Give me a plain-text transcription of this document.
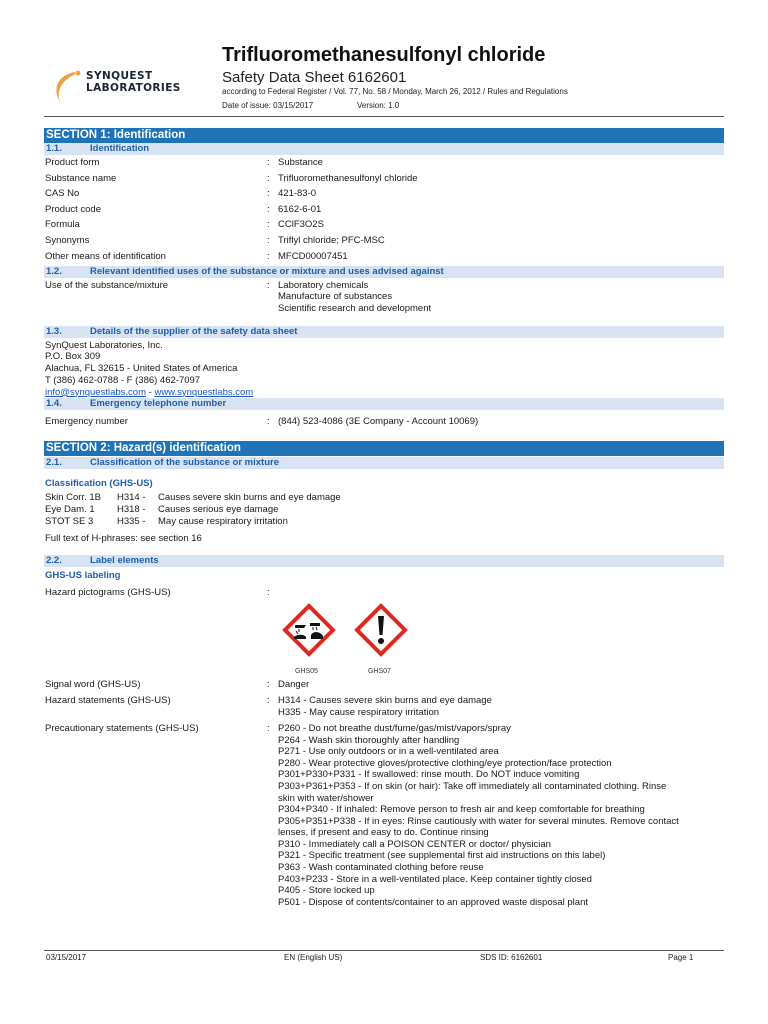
SYNQUEST
LABORATORIES
Trifluoromethanesulfonyl chloride
Safety Data Sheet 6162601
according to Federal Register / Vol. 77, No. 58 / Monday, March 26, 2012 / Rules and Regulations
Date of issue: 03/15/2017	Version: 1.0
SECTION 1: Identification
1.1.	Identification
Product form	: Substance
Substance name	: Trifluoromethanesulfonyl chloride
CAS No	: 421-83-0
Product code	: 6162-6-01
Formula	: CClF3O2S
Synonyms	: Triflyl chloride; PFC-MSC
Other means of identification	: MFCD00007451
1.2.	Relevant identified uses of the substance or mixture and uses advised against
Use of the substance/mixture	: Laboratory chemicals
Manufacture of substances
Scientific research and development
1.3.	Details of the supplier of the safety data sheet
SynQuest Laboratories, Inc.
P.O. Box 309
Alachua, FL 32615 - United States of America
T (386) 462-0788 - F (386) 462-7097
info@synquestlabs.com - www.synquestlabs.com
1.4.	Emergency telephone number
Emergency number	: (844) 523-4086 (3E Company - Account 10069)
SECTION 2: Hazard(s) identification
2.1.	Classification of the substance or mixture
Classification (GHS-US)
Skin Corr. 1B H314 - Causes severe skin burns and eye damage
Eye Dam. 1 H318 - Causes serious eye damage
STOT SE 3	H335 - May cause respiratory irritation
Full text of H-phrases: see section 16
2.2.	Label elements
GHS-US labeling
Hazard pictograms (GHS-US)	:
GHS05	GHS07
Signal word (GHS-US)	: Danger
Hazard statements (GHS-US)	: H314 - Causes severe skin burns and eye damage
H335 - May cause respiratory irritation
Precautionary statements (GHS-US)	: P260 - Do not breathe dust/fume/gas/mist/vapors/spray
P264 - Wash skin thoroughly after handling
P271 - Use only outdoors or in a well-ventilated area
P280 - Wear protective gloves/protective clothing/eye protection/face protection
P301+P330+P331 - If swallowed: rinse mouth. Do NOT induce vomiting
P303+P361+P353 - If on skin (or hair): Take off immediately all contaminated clothing. Rinse
skin with water/shower
P304+P340 - If inhaled: Remove person to fresh air and keep comfortable for breathing
P305+P351+P338 - If in eyes: Rinse cautiously with water for several minutes. Remove contact
lenses, if present and easy to do. Continue rinsing
P310 - Immediately call a POISON CENTER or doctor/ physician
P321 - Specific treatment (see supplemental first aid instructions on this label)
P363 - Wash contaminated clothing before reuse
P403+P233 - Store in a well-ventilated place. Keep container tightly closed
P405 - Store locked up
P501 - Dispose of contents/container to an approved waste disposal plant
03/15/2017	EN (English US)	SDS ID: 6162601	Page 1
